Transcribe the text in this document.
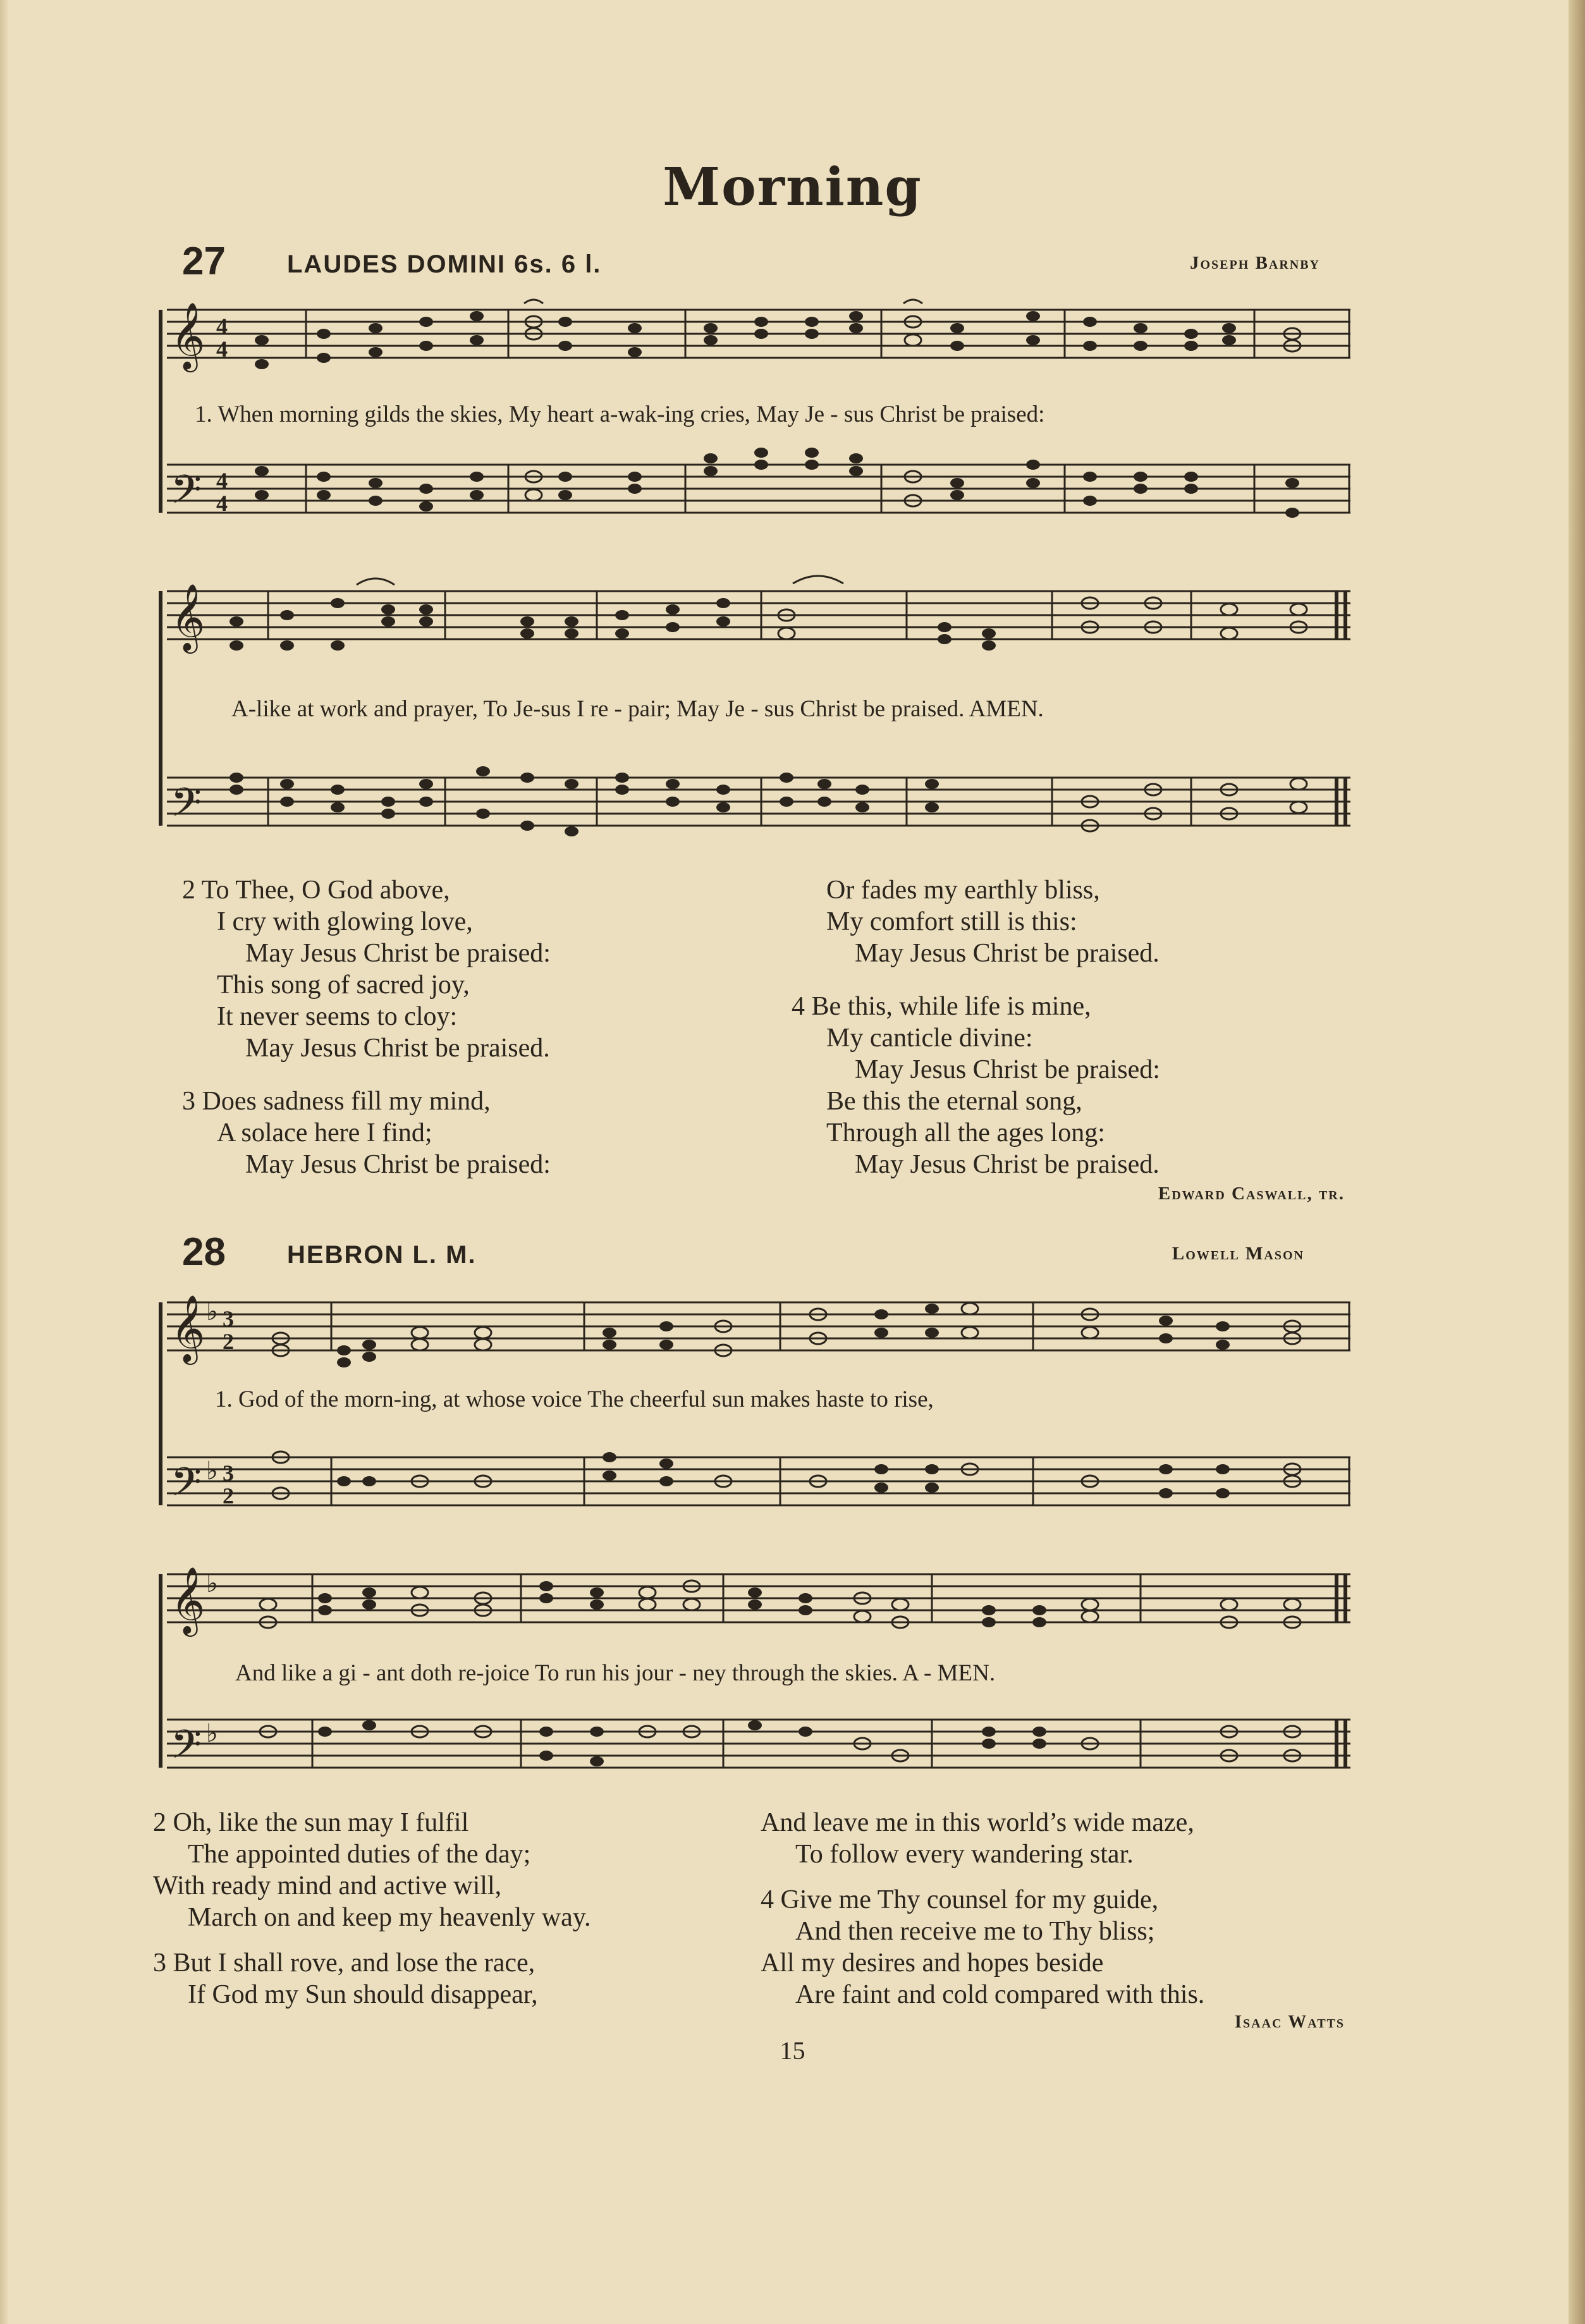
Morning
27 LAUDES DOMINI 6s. 6 l.	Joseph Barnby
𝄞
𝄢
4
4
4
4
1. When morning gilds the skies, My heart a-wak-ing cries, May Je - sus Christ be praised:
𝄞
𝄢
A-like at work and prayer, To Je-sus I re - pair; May Je - sus Christ be praised. AMEN.
2 To Thee, O God above,
I cry with glowing love,
May Jesus Christ be praised:
This song of sacred joy,
It never seems to cloy:
May Jesus Christ be praised.
3 Does sadness fill my mind,
A solace here I find;
May Jesus Christ be praised:
Or fades my earthly bliss,
My comfort still is this:
May Jesus Christ be praised.
4 Be this, while life is mine,
My canticle divine:
May Jesus Christ be praised:
Be this the eternal song,
Through all the ages long:
May Jesus Christ be praised.
Edward Caswall, tr.
28 HEBRON L. M.	Lowell Mason
𝄞
𝄢
♭
♭
3
2
3
2
1. God of the morn-ing, at whose voice The cheerful sun makes haste to rise,
𝄞
𝄢
♭
♭
And like a gi - ant doth re-joice To run his jour - ney through the skies. A - MEN.
2 Oh, like the sun may I fulfil
The appointed duties of the day;
With ready mind and active will,
March on and keep my heavenly way.
3 But I shall rove, and lose the race,
If God my Sun should disappear,
And leave me in this world’s wide maze,
To follow every wandering star.
4 Give me Thy counsel for my guide,
And then receive me to Thy bliss;
All my desires and hopes beside
Are faint and cold compared with this.
Isaac Watts
15
